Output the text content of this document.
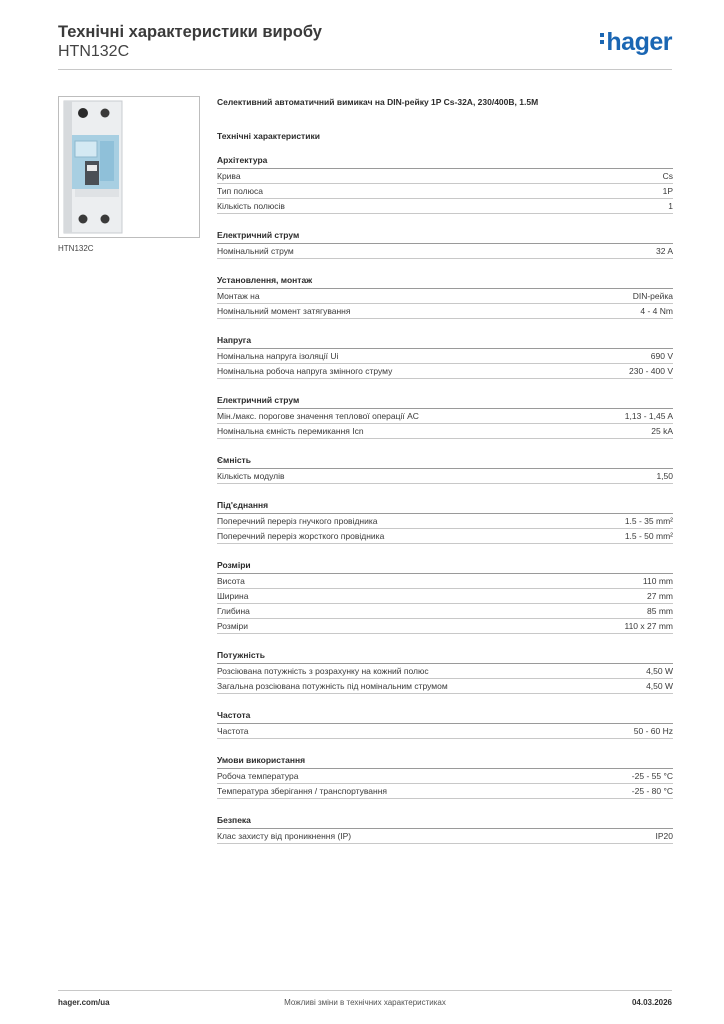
Технічні характеристики виробу
HTN132C	hager
HTN132C
Селективний автоматичний вимикач на DIN-рейку 1P Cs-32A, 230/400В, 1.5М
Технічні характеристики
Архітектура
Крива	Cs
Тип полюса	1P
Кількість полюсів	1
Електричний струм
Номінальний струм	32 A
Установлення, монтаж
Монтаж на	DIN-рейка
Номінальний момент затягування	4 - 4 Nm
Напруга
Номінальна напруга ізоляції Ui	690 V
Номінальна робоча напруга змінного струму	230 - 400 V
Електричний струм
Мін./макс. порогове значення теплової операції AC	1,13 - 1,45 A
Номінальна ємність перемикання Icn	25 kA
Ємність
Кількість модулів	1,50
Під'єднання
Поперечний переріз гнучкого провідника	1.5 - 35 mm²
Поперечний переріз жорсткого провідника	1.5 - 50 mm²
Розміри
Висота	110 mm
Ширина	27 mm
Глибина	85 mm
Розміри	110 x 27 mm
Потужність
Розсіювана потужність з розрахунку на кожний полюс	4,50 W
Загальна розсіювана потужність під номінальним струмом	4,50 W
Частота
Частота	50 - 60 Hz
Умови використання
Робоча температура	-25 - 55 °C
Температура зберігання / транспортування	-25 - 80 °C
Безпека
Клас захисту від проникнення (IP)	IP20
hager.com/ua	Можливі зміни в технічних характеристиках	04.03.2026
